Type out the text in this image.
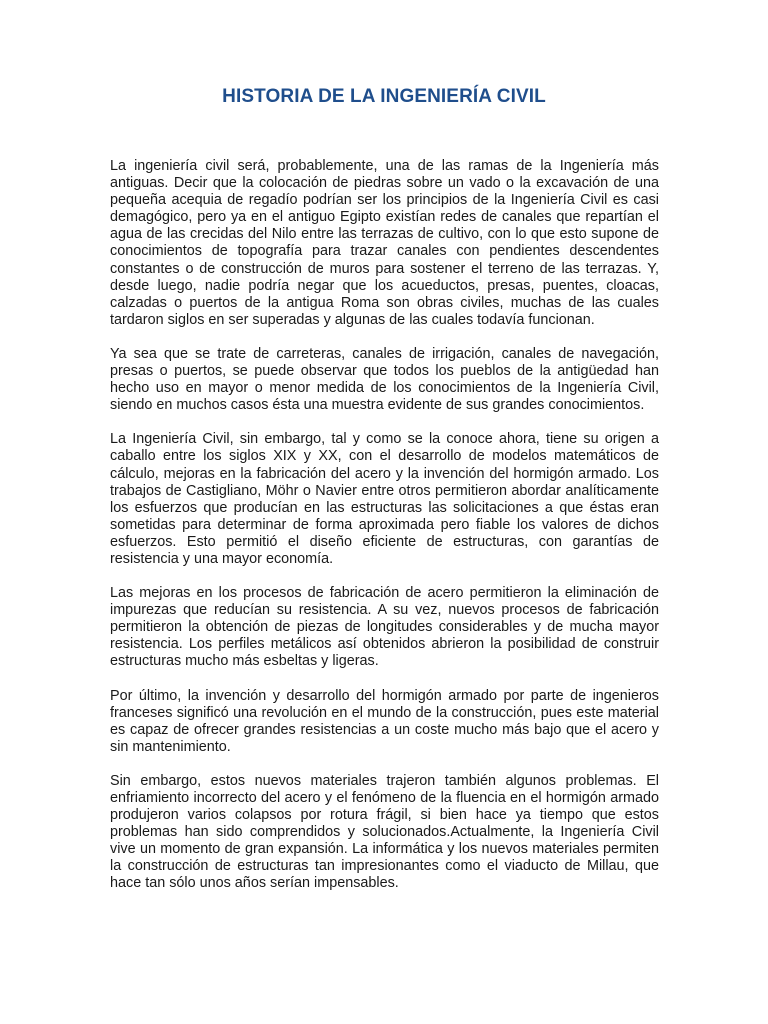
HISTORIA DE LA INGENIERÍA CIVIL

La ingeniería civil será, probablemente, una de las ramas de la Ingeniería más antiguas. Decir que la colocación de piedras sobre un vado o la excavación de una pequeña acequia de regadío podrían ser los principios de la Ingeniería Civil es casi demagógico, pero ya en el antiguo Egipto existían redes de canales que repartían el agua de las crecidas del Nilo entre las terrazas de cultivo, con lo que esto supone de conocimientos de topografía para trazar canales con pendientes descendentes constantes o de construcción de muros para sostener el terreno de las terrazas. Y, desde luego, nadie podría negar que los acueductos, presas, puentes, cloacas, calzadas o puertos de la antigua Roma son obras civiles, muchas de las cuales tardaron siglos en ser superadas y algunas de las cuales todavía funcionan.

Ya sea que se trate de carreteras, canales de irrigación, canales de navegación, presas o puertos, se puede observar que todos los pueblos de la antigüedad han hecho uso en mayor o menor medida de los conocimientos de la Ingeniería Civil, siendo en muchos casos ésta una muestra evidente de sus grandes conocimientos.

La Ingeniería Civil, sin embargo, tal y como se la conoce ahora, tiene su origen a caballo entre los siglos XIX y XX, con el desarrollo de modelos matemáticos de cálculo, mejoras en la fabricación del acero y la invención del hormigón armado. Los trabajos de Castigliano, Möhr o Navier entre otros permitieron abordar analíticamente los esfuerzos que producían en las estructuras las solicitaciones a que éstas eran sometidas para determinar de forma aproximada pero fiable los valores de dichos esfuerzos. Esto permitió el diseño eficiente de estructuras, con garantías de resistencia y una mayor economía.

Las mejoras en los procesos de fabricación de acero permitieron la eliminación de impurezas que reducían su resistencia. A su vez, nuevos procesos de fabricación permitieron la obtención de piezas de longitudes considerables y de mucha mayor resistencia. Los perfiles metálicos así obtenidos abrieron la posibilidad de construir estructuras mucho más esbeltas y ligeras.

Por último, la invención y desarrollo del hormigón armado por parte de ingenieros franceses significó una revolución en el mundo de la construcción, pues este material es capaz de ofrecer grandes resistencias a un coste mucho más bajo que el acero y sin mantenimiento.

Sin embargo, estos nuevos materiales trajeron también algunos problemas. El enfriamiento incorrecto del acero y el fenómeno de la fluencia en el hormigón armado produjeron varios colapsos por rotura frágil, si bien hace ya tiempo que estos problemas han sido comprendidos y solucionados.Actualmente, la Ingeniería Civil vive un momento de gran expansión. La informática y los nuevos materiales permiten la construcción de estructuras tan impresionantes como el viaducto de Millau, que hace tan sólo unos años serían impensables.
